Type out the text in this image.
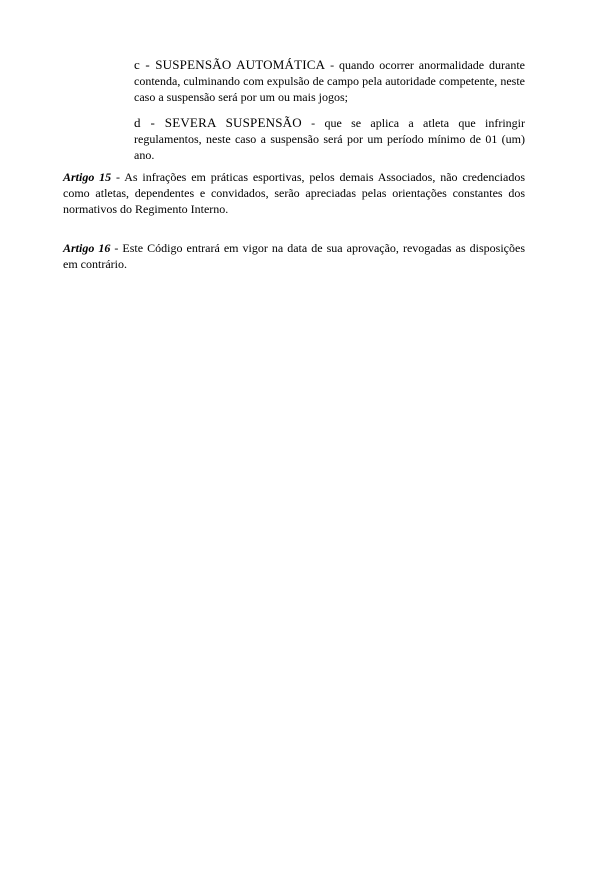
c - SUSPENSÃO AUTOMÁTICA - quando ocorrer anormalidade durante contenda, culminando com expulsão de campo pela autoridade competente, neste caso a suspensão será por um ou mais jogos;

d - SEVERA SUSPENSÃO - que se aplica a atleta que infringir regulamentos, neste caso a suspensão será por um período mínimo de 01 (um) ano.

Artigo 15 - As infrações em práticas esportivas, pelos demais Associados, não credenciados como atletas, dependentes e convidados, serão apreciadas pelas orientações constantes dos normativos do Regimento Interno.

Artigo 16 - Este Código entrará em vigor na data de sua aprovação, revogadas as disposições em contrário.
